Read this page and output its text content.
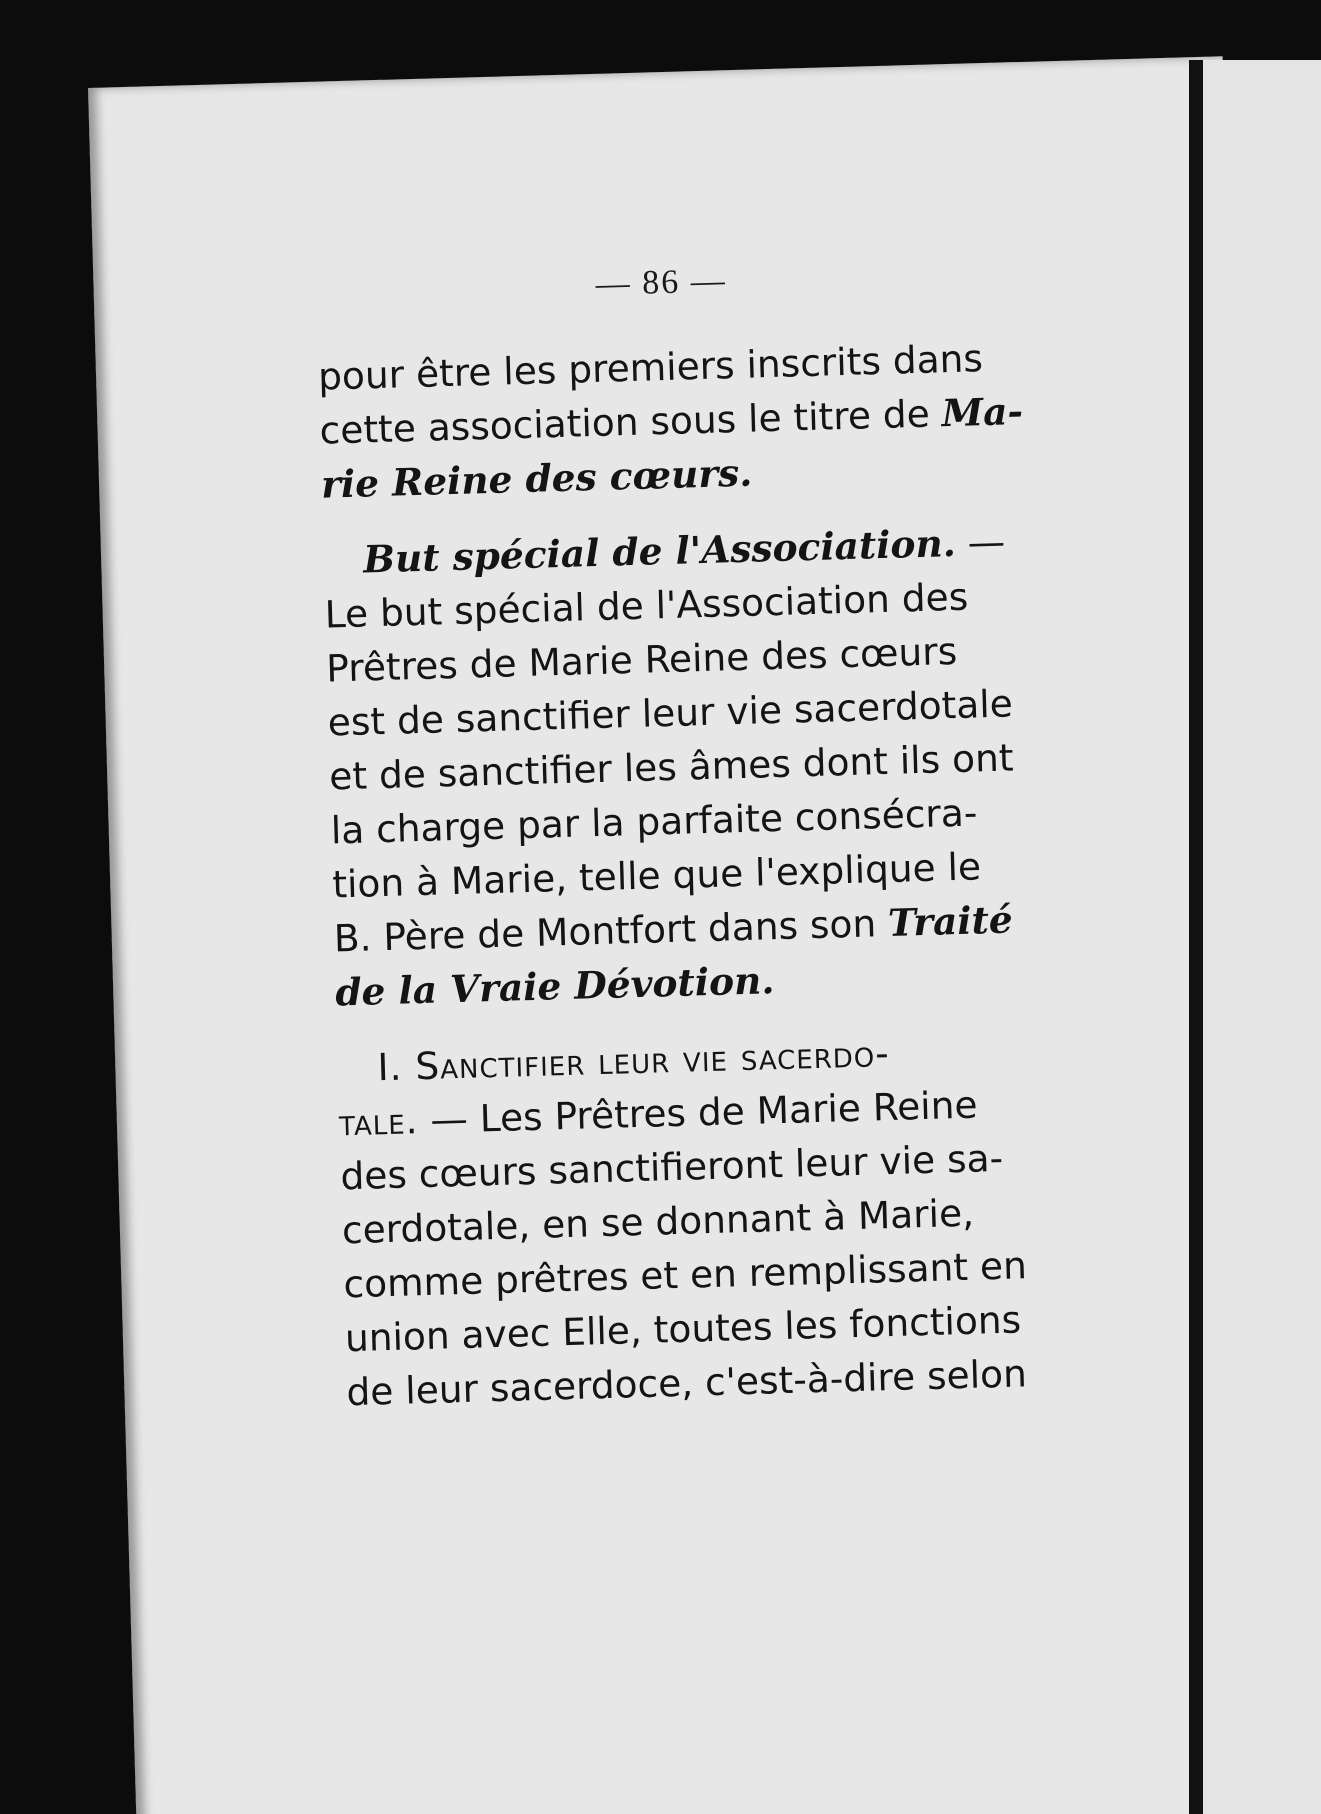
— 86 —

pour être les premiers inscrits dans
cette association sous le titre de Ma-
rie Reine des cœurs.

But spécial de l'Association. —
Le but spécial de l'Association des
Prêtres de Marie Reine des cœurs
est de sanctifier leur vie sacerdotale
et de sanctifier les âmes dont ils ont
la charge par la parfaite consécra-
tion à Marie, telle que l'explique le
B. Père de Montfort dans son Traité
de la Vraie Dévotion.

I. Sanctifier leur vie sacerdo-
tale. — Les Prêtres de Marie Reine
des cœurs sanctifieront leur vie sa-
cerdotale, en se donnant à Marie,
comme prêtres et en remplissant en
union avec Elle, toutes les fonctions
de leur sacerdoce, c'est-à-dire selon
